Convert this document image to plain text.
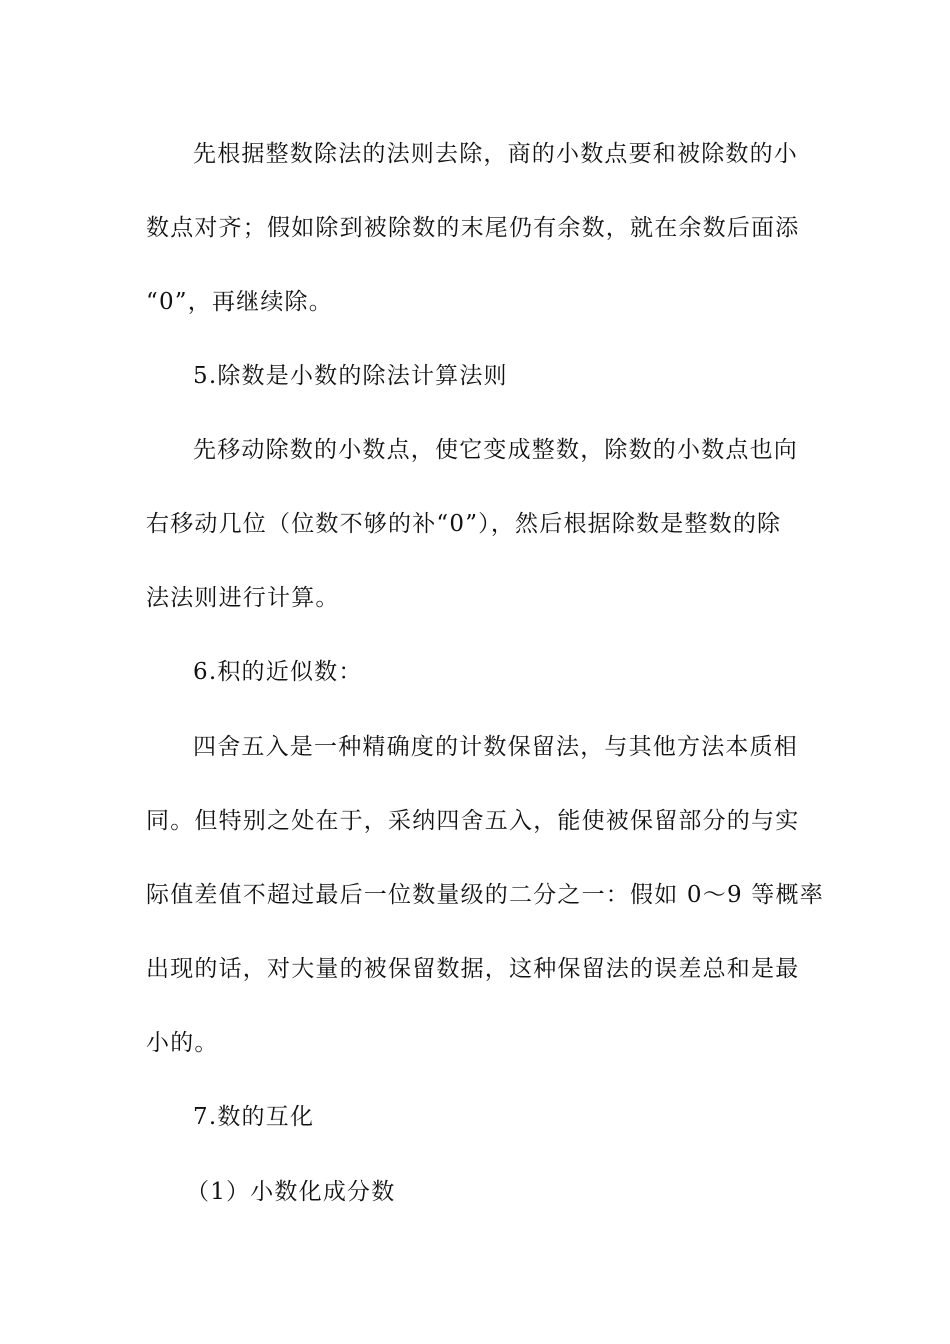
先根据整数除法的法则去除，商的小数点要和被除数的小
数点对齐；假如除到被除数的末尾仍有余数，就在余数后面添
“0”，再继续除。
5.除数是小数的除法计算法则
先移动除数的小数点，使它变成整数，除数的小数点也向
右移动几位（位数不够的补“0”），然后根据除数是整数的除
法法则进行计算。
6.积的近似数：
四舍五入是一种精确度的计数保留法，与其他方法本质相
同。但特别之处在于，采纳四舍五入，能使被保留部分的与实
际值差值不超过最后一位数量级的二分之一：假如 0～9 等概率
出现的话，对大量的被保留数据，这种保留法的误差总和是最
小的。
7.数的互化
（1）小数化成分数
